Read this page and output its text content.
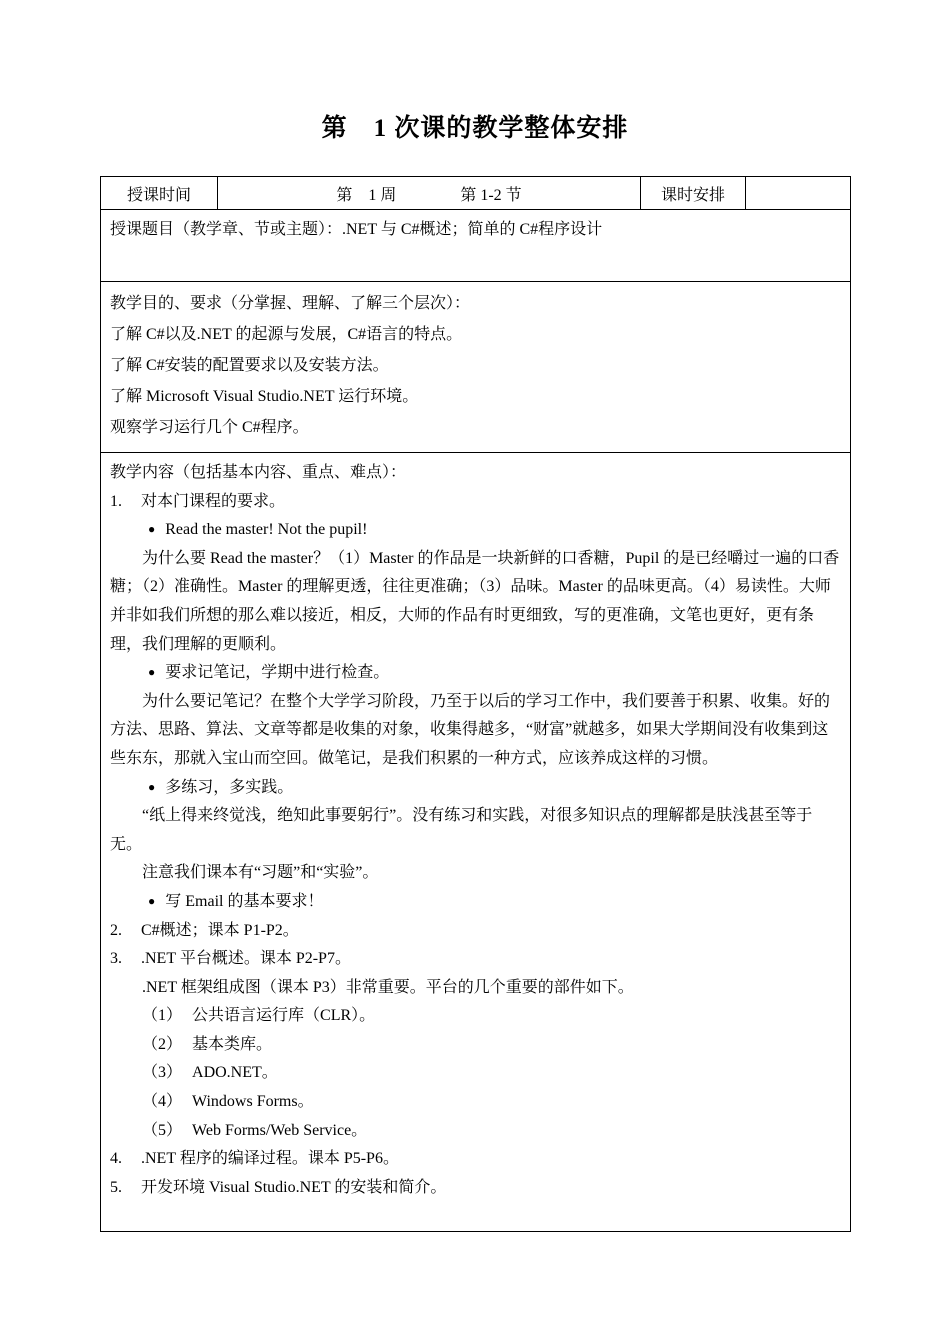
第　1 次课的教学整体安排
授课时间	第　1 周　　　　第 1-2 节	课时安排
授课题目（教学章、节或主题）：.NET 与 C#概述；简单的 C#程序设计
教学目的、要求（分掌握、理解、了解三个层次）：
了解 C#以及.NET 的起源与发展，C#语言的特点。
了解 C#安装的配置要求以及安装方法。
了解 Microsoft Visual Studio.NET 运行环境。
观察学习运行几个 C#程序。
教学内容（包括基本内容、重点、难点）：
1. 对本门课程的要求。
● Read the master! Not the pupil!
为什么要 Read the master？（1）Master 的作品是一块新鲜的口香糖，Pupil 的是已经嚼过一遍的口香糖；（2）准确性。Master 的理解更透，往往更准确；（3）品味。Master 的品味更高。（4）易读性。大师并非如我们所想的那么难以接近，相反，大师的作品有时更细致，写的更准确，文笔也更好，更有条理，我们理解的更顺利。
● 要求记笔记，学期中进行检查。
为什么要记笔记？在整个大学学习阶段，乃至于以后的学习工作中，我们要善于积累、收集。好的方法、思路、算法、文章等都是收集的对象，收集得越多，“财富”就越多，如果大学期间没有收集到这些东东，那就入宝山而空回。做笔记，是我们积累的一种方式，应该养成这样的习惯。
● 多练习，多实践。
“纸上得来终觉浅，绝知此事要躬行”。没有练习和实践，对很多知识点的理解都是肤浅甚至等于无。
注意我们课本有“习题”和“实验”。
● 写 Email 的基本要求！
2. C#概述；课本 P1-P2。
3. .NET 平台概述。课本 P2-P7。
.NET 框架组成图（课本 P3）非常重要。平台的几个重要的部件如下。
（1） 公共语言运行库（CLR）。
（2） 基本类库。
（3） ADO.NET。
（4） Windows Forms。
（5） Web Forms/Web Service。
4. .NET 程序的编译过程。课本 P5-P6。
5. 开发环境 Visual Studio.NET 的安装和简介。
